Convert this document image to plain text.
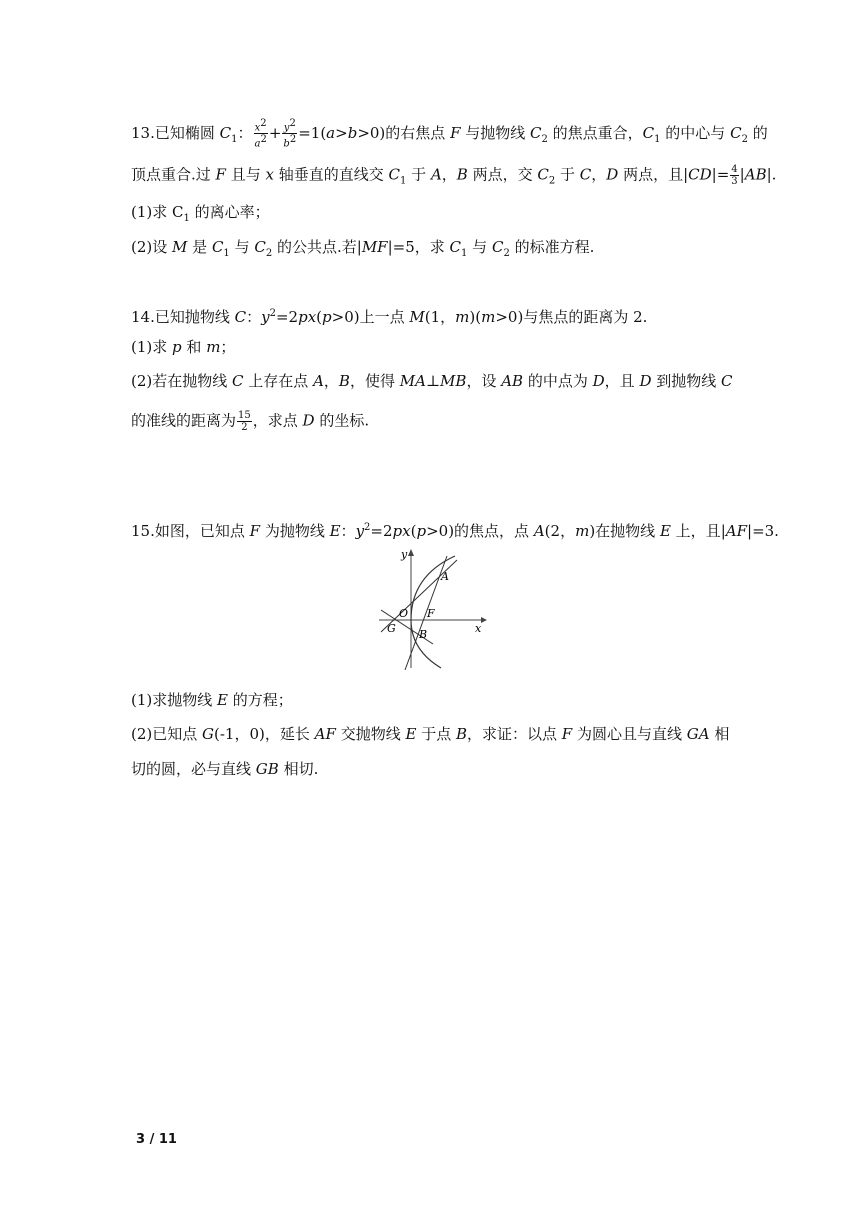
13.已知椭圆 $C_1$： $\frac{x^2}{a^2} + \frac{y^2}{b^2} =1(a>b>0)$的右焦点 F 与抛物线 $C_2$ 的焦点重合，$C_1$ 的中心与 $C_2$ 的
顶点重合.过 F 且与 x 轴垂直的直线交 $C_1$ 于 A，B 两点，交 $C_2$ 于 C，D 两点，且$|CD|= \frac{4}{3} |AB|$.
(1)求 $C_1$ 的离心率；
(2)设 M 是 $C_1$ 与 $C_2$ 的公共点.若|MF|=5，求 $C_1$ 与 $C_2$ 的标准方程.
14.已知抛物线 C：$y^2=2px(p>0)$上一点 M(1，m)(m>0)与焦点的距离为 2.
(1)求 p 和 m；
(2)若在抛物线 C 上存在点 A，B，使得 MA⊥MB，设 AB 的中点为 D，且 D 到抛物线 C
的准线的距离为 $\frac{15}{2}$ ，求点 D 的坐标.
15.如图，已知点 F 为抛物线 E：$y^2=2px(p>0)$的焦点，点 A(2，m)在抛物线 E 上，且|AF|=3.
y
x
A
O F
G B
(1)求抛物线 E 的方程；
(2)已知点 G(-1，0)，延长 AF 交抛物线 E 于点 B，求证：以点 F 为圆心且与直线 GA 相
切的圆，必与直线 GB 相切.
3 / 11
